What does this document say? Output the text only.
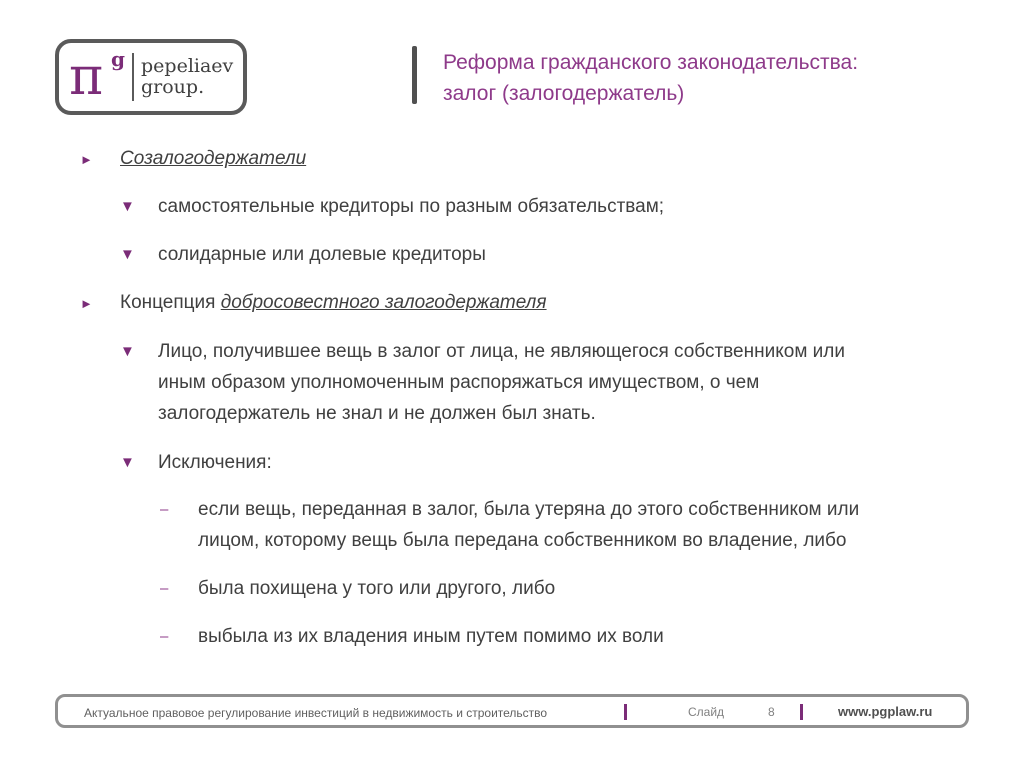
π g pepeliaev
group.
Реформа гражданского законодательства:
залог (залогодержатель)
► Созалогодержатели
▼ самостоятельные кредиторы по разным обязательствам;
▼ солидарные или долевые кредиторы
► Концепция добросовестного залогодержателя
▼ Лицо, получившее вещь в залог от лица, не являющегося собственником или
иным образом уполномоченным распоряжаться имуществом, о чем
залогодержатель не знал и не должен был знать.
▼ Исключения:
– если вещь, переданная в залог, была утеряна до этого собственником или
лицом, которому вещь была передана собственником во владение, либо
– была похищена у того или другого, либо
– выбыла из их владения иным путем помимо их воли
Актуальное правовое регулирование инвестиций в недвижимость и строительство	Слайд	8	www.pgplaw.ru
